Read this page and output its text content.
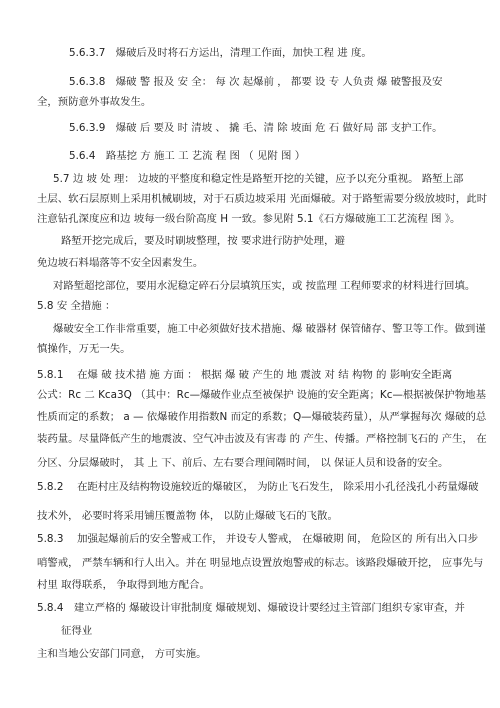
5.6.3.7　爆破后及时将石方运出，清理工作面，加快工程 进 度。
5.6.3.8　爆破 警 报及 安 全： 每 次 起爆前 ， 都要 设 专 人负责 爆 破警报及安
全，预防意外事故发生。
5.6.3.9　爆破 后 要及 时 清坡 、 撬 毛、清 除 坡面 危 石 做好局 部 支护工作。
5.6.4　路基挖 方 施工 工 艺流 程 图 （ 见附 图 ）
5.7 边 坡 处 理： 边坡的平整度和稳定性是路堑开挖的关键，应予以充分重视。 路堑上部
土层、软石层原则上采用机械刷坡，对于石质边坡采用 光面爆破。对于路堑需要分级放坡时，此时
注意钻孔深度应和边 坡每一级台阶高度 H 一致。参见附 5.1《石方爆破施工工艺流程 图 》。
路堑开挖完成后，要及时刷坡整理，按 要求进行防护处理，避
免边坡石料塌落等不安全因素发生。
对路堑超挖部位，要用水泥稳定碎石分层填筑压实，或 按监理 工程师要求的材料进行回填。
5.8 安 全措施 ：
爆破安全工作非常重要，施工中必须做好技术措施、爆 破器材 保管储存、警卫等工作。做到谨
慎操作，万无一失。
5.8.1　 在爆 破 技术措 施 方面 ： 根据 爆 破 产生的 地 震波 对 结 构物 的 影响安全距离
公式：Rc 二 Kca3Q （其中：Rc—爆破作业点至被保护 设施的安全距离；Kc—根据被保护物地基
性质而定的系数； a — 依爆破作用指数N 而定的系数；Q—爆破装药量），从严掌握每次 爆破的总
装药量。尽量降低产生的地震波、空气冲击波及有害毒 的 产生、传播。严格控制飞石的 产生， 在
分区、分层爆破时， 其 上 下、前后、左右要合理间隔时间， 以 保证人员和设备的安全。
5.8.2　 在距村庄及结构物设施较近的爆破区， 为防止飞石发生， 除采用小孔径浅孔小药量爆破
技术外， 必要时将采用铺压覆盖物 体， 以防止爆破飞石的飞散。
5.8.3　 加强起爆前后的安全警戒工作， 并设专人警戒， 在爆破期 间， 危险区的 所有出入口步
哨警戒， 严禁车辆和行人出入。并在 明显地点设置放炮警戒的标志。该路段爆破开挖， 应事先与
村里 取得联系， 争取得到地方配合。
5.8.4　建立严格的 爆破设计审批制度 爆破规划、爆破设计要经过主管部门组织专家审查，并
征得业
主和当地公安部门同意， 方可实施。
